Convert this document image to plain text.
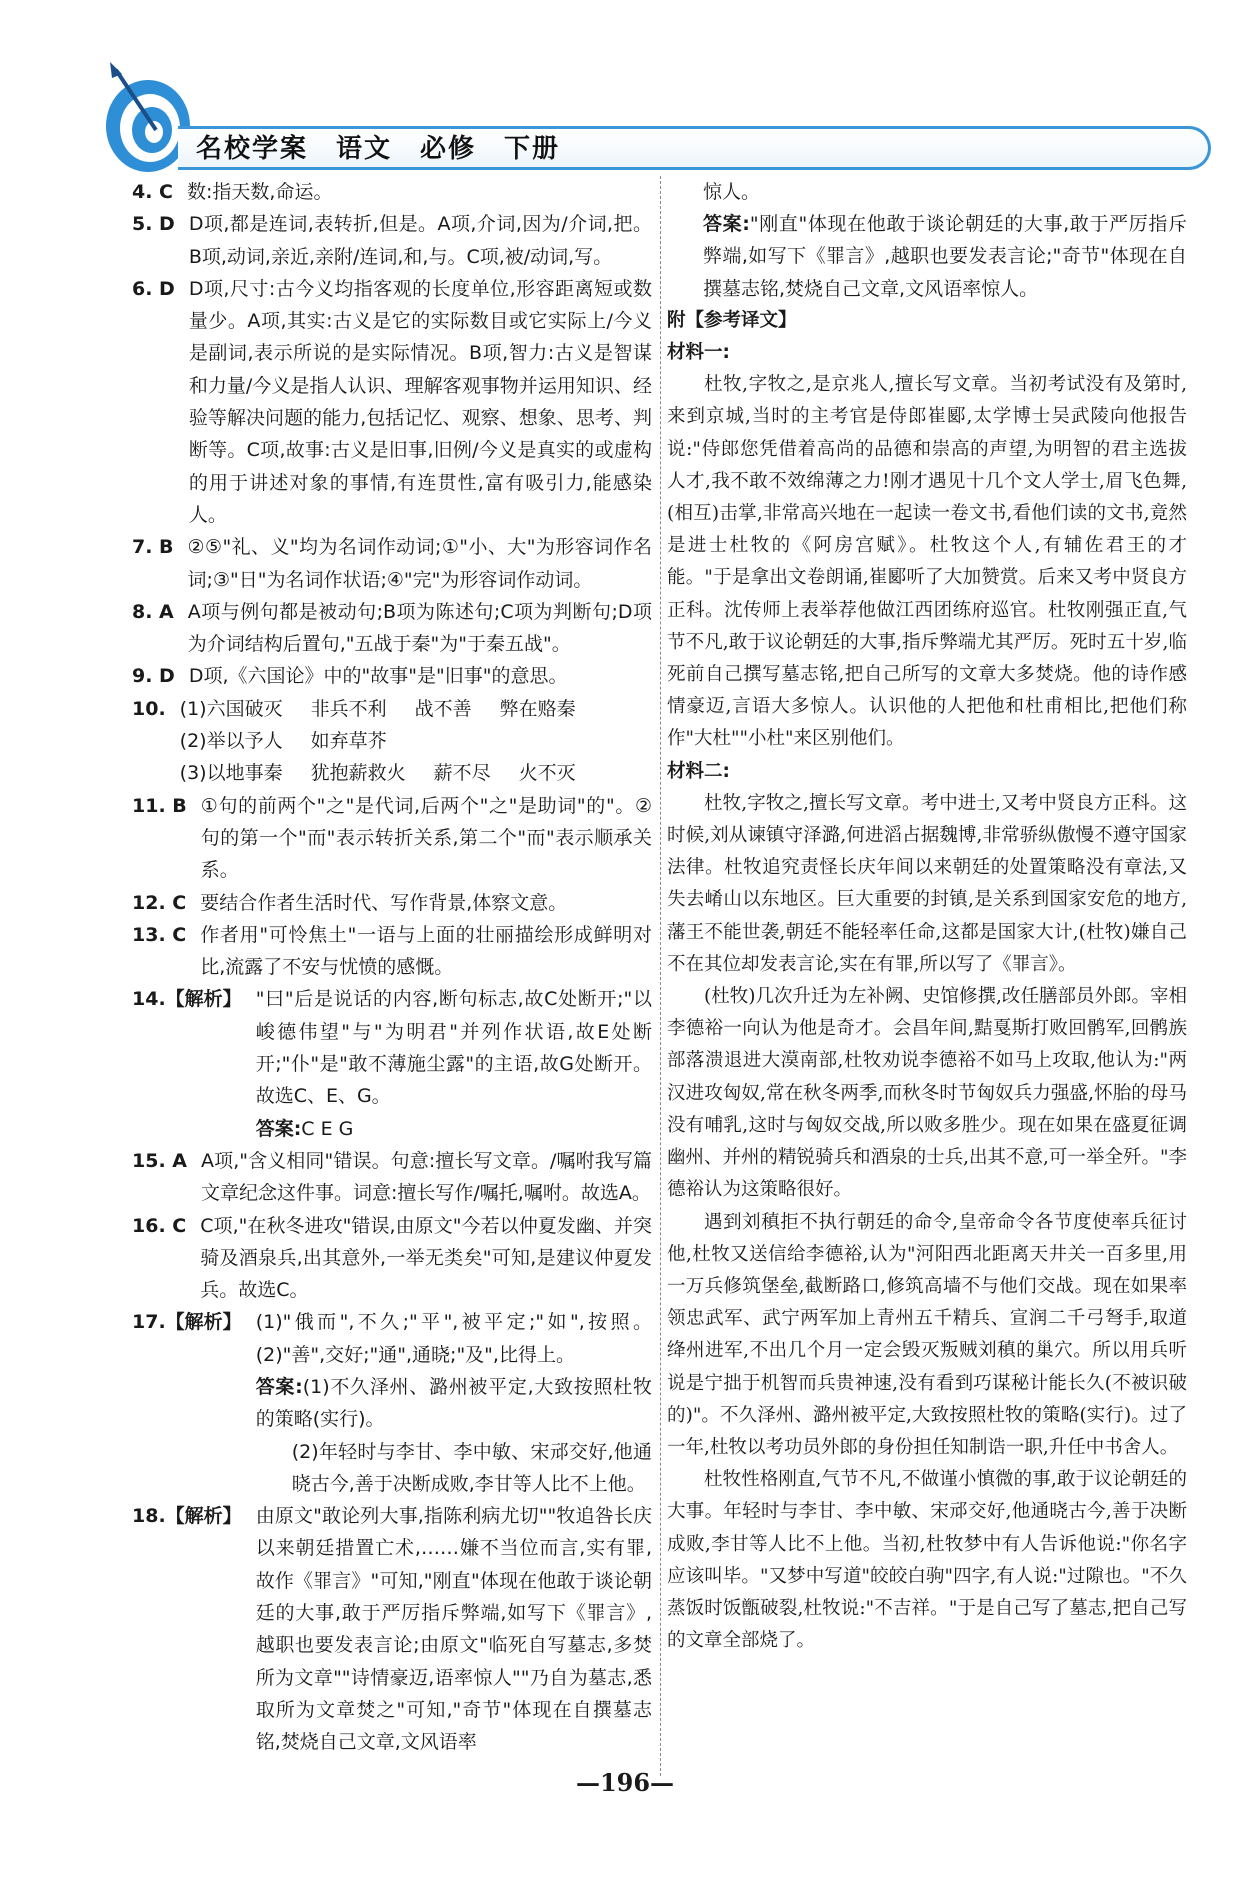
名校学案　语文　必修　下册
4. C 数:指天数,命运。
5. D D项,都是连词,表转折,但是。A项,介词,因为/介词,把。B项,动词,亲近,亲附/连词,和,与。C项,被/动词,写。
6. D D项,尺寸:古今义均指客观的长度单位,形容距离短或数量少。A项,其实:古义是它的实际数目或它实际上/今义是副词,表示所说的是实际情况。B项,智力:古义是智谋和力量/今义是指人认识、理解客观事物并运用知识、经验等解决问题的能力,包括记忆、观察、想象、思考、判断等。C项,故事:古义是旧事,旧例/今义是真实的或虚构的用于讲述对象的事情,有连贯性,富有吸引力,能感染人。
7. B ②⑤"礼、义"均为名词作动词;①"小、大"为形容词作名词;③"日"为名词作状语;④"完"为形容词作动词。
8. A A项与例句都是被动句;B项为陈述句;C项为判断句;D项为介词结构后置句,"五战于秦"为"于秦五战"。
9. D D项,《六国论》中的"故事"是"旧事"的意思。
10. (1)六国破灭 非兵不利 战不善 弊在赂秦
(2)举以予人 如弃草芥
(3)以地事秦 犹抱薪救火 薪不尽 火不灭
11. B ①句的前两个"之"是代词,后两个"之"是助词"的"。②句的第一个"而"表示转折关系,第二个"而"表示顺承关系。
12. C 要结合作者生活时代、写作背景,体察文意。
13. C 作者用"可怜焦土"一语与上面的壮丽描绘形成鲜明对比,流露了不安与忧愤的感慨。
14.【解析】 "曰"后是说话的内容,断句标志,故C处断开;"以峻德伟望"与"为明君"并列作状语,故E处断开;"仆"是"敢不薄施尘露"的主语,故G处断开。故选C、E、G。
答案:C E G
15. A A项,"含义相同"错误。句意:擅长写文章。/嘱咐我写篇文章纪念这件事。词意:擅长写作/嘱托,嘱咐。故选A。
16. C C项,"在秋冬进攻"错误,由原文"今若以仲夏发幽、并突骑及酒泉兵,出其意外,一举无类矣"可知,是建议仲夏发兵。故选C。
17.【解析】 (1)"俄而",不久;"平",被平定;"如",按照。(2)"善",交好;"通",通晓;"及",比得上。
答案:(1)不久泽州、潞州被平定,大致按照杜牧的策略(实行)。
(2)年轻时与李甘、李中敏、宋邧交好,他通晓古今,善于决断成败,李甘等人比不上他。
18.【解析】 由原文"敢论列大事,指陈利病尤切""牧追咎长庆以来朝廷措置亡术,……嫌不当位而言,实有罪,故作《罪言》"可知,"刚直"体现在他敢于谈论朝廷的大事,敢于严厉指斥弊端,如写下《罪言》,越职也要发表言论;由原文"临死自写墓志,多焚所为文章""诗情豪迈,语率惊人""乃自为墓志,悉取所为文章焚之"可知,"奇节"体现在自撰墓志铭,焚烧自己文章,文风语率
惊人。
答案:"刚直"体现在他敢于谈论朝廷的大事,敢于严厉指斥弊端,如写下《罪言》,越职也要发表言论;"奇节"体现在自撰墓志铭,焚烧自己文章,文风语率惊人。
附【参考译文】
材料一:
杜牧,字牧之,是京兆人,擅长写文章。当初考试没有及第时,来到京城,当时的主考官是侍郎崔郾,太学博士吴武陵向他报告说:"侍郎您凭借着高尚的品德和崇高的声望,为明智的君主选拔人才,我不敢不效绵薄之力!刚才遇见十几个文人学士,眉飞色舞,(相互)击掌,非常高兴地在一起读一卷文书,看他们读的文书,竟然是进士杜牧的《阿房宫赋》。杜牧这个人,有辅佐君王的才能。"于是拿出文卷朗诵,崔郾听了大加赞赏。后来又考中贤良方正科。沈传师上表举荐他做江西团练府巡官。杜牧刚强正直,气节不凡,敢于议论朝廷的大事,指斥弊端尤其严厉。死时五十岁,临死前自己撰写墓志铭,把自己所写的文章大多焚烧。他的诗作感情豪迈,言语大多惊人。认识他的人把他和杜甫相比,把他们称作"大杜""小杜"来区别他们。
材料二:
杜牧,字牧之,擅长写文章。考中进士,又考中贤良方正科。这时候,刘从谏镇守泽潞,何进滔占据魏博,非常骄纵傲慢不遵守国家法律。杜牧追究责怪长庆年间以来朝廷的处置策略没有章法,又失去崤山以东地区。巨大重要的封镇,是关系到国家安危的地方,藩王不能世袭,朝廷不能轻率任命,这都是国家大计,(杜牧)嫌自己不在其位却发表言论,实在有罪,所以写了《罪言》。
(杜牧)几次升迁为左补阙、史馆修撰,改任膳部员外郎。宰相李德裕一向认为他是奇才。会昌年间,黠戛斯打败回鹘军,回鹘族部落溃退进大漠南部,杜牧劝说李德裕不如马上攻取,他认为:"两汉进攻匈奴,常在秋冬两季,而秋冬时节匈奴兵力强盛,怀胎的母马没有哺乳,这时与匈奴交战,所以败多胜少。现在如果在盛夏征调幽州、并州的精锐骑兵和酒泉的士兵,出其不意,可一举全歼。"李德裕认为这策略很好。
遇到刘稹拒不执行朝廷的命令,皇帝命令各节度使率兵征讨他,杜牧又送信给李德裕,认为"河阳西北距离天井关一百多里,用一万兵修筑堡垒,截断路口,修筑高墙不与他们交战。现在如果率领忠武军、武宁两军加上青州五千精兵、宣润二千弓弩手,取道绛州进军,不出几个月一定会毁灭叛贼刘稹的巢穴。所以用兵听说是宁拙于机智而兵贵神速,没有看到巧谋秘计能长久(不被识破的)"。不久泽州、潞州被平定,大致按照杜牧的策略(实行)。过了一年,杜牧以考功员外郎的身份担任知制诰一职,升任中书舍人。
杜牧性格刚直,气节不凡,不做谨小慎微的事,敢于议论朝廷的大事。年轻时与李甘、李中敏、宋邧交好,他通晓古今,善于决断成败,李甘等人比不上他。当初,杜牧梦中有人告诉他说:"你名字应该叫毕。"又梦中写道"皎皎白驹"四字,有人说:"过隙也。"不久蒸饭时饭甑破裂,杜牧说:"不吉祥。"于是自己写了墓志,把自己写的文章全部烧了。
—196—
